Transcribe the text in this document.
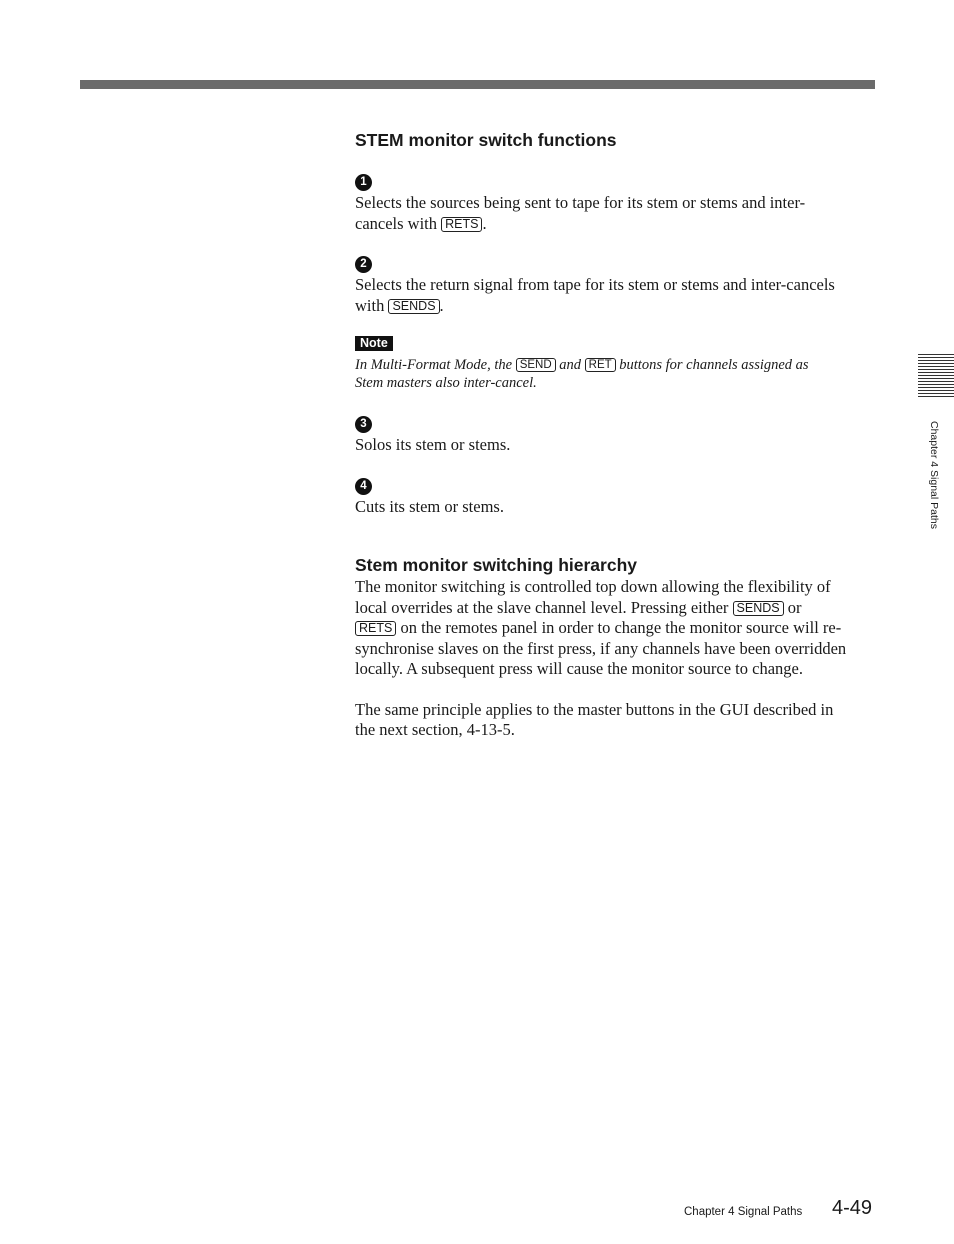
STEM monitor switch functions
1

Selects the sources being sent to tape for its stem or stems and inter-
cancels with RETS .

2

Selects the return signal from tape for its stem or stems and inter-cancels
with SENDS .

Note

In Multi-Format Mode, the SEND and RET buttons for channels assigned as
Stem masters also inter-cancel.

3

Solos its stem or stems.

4

Cuts its stem or stems.

Stem monitor switching hierarchy

The monitor switching is controlled top down allowing the flexibility of
local overrides at the slave channel level. Pressing either SENDS or
RETS on the remotes panel in order to change the monitor source will re-
synchronise slaves on the first press, if any channels have been overridden
locally. A subsequent press will cause the monitor source to change.

The same principle applies to the master buttons in the GUI described in
the next section, 4-13-5.

Chapter 4 Signal Paths
Chapter 4 Signal Paths 4-49
